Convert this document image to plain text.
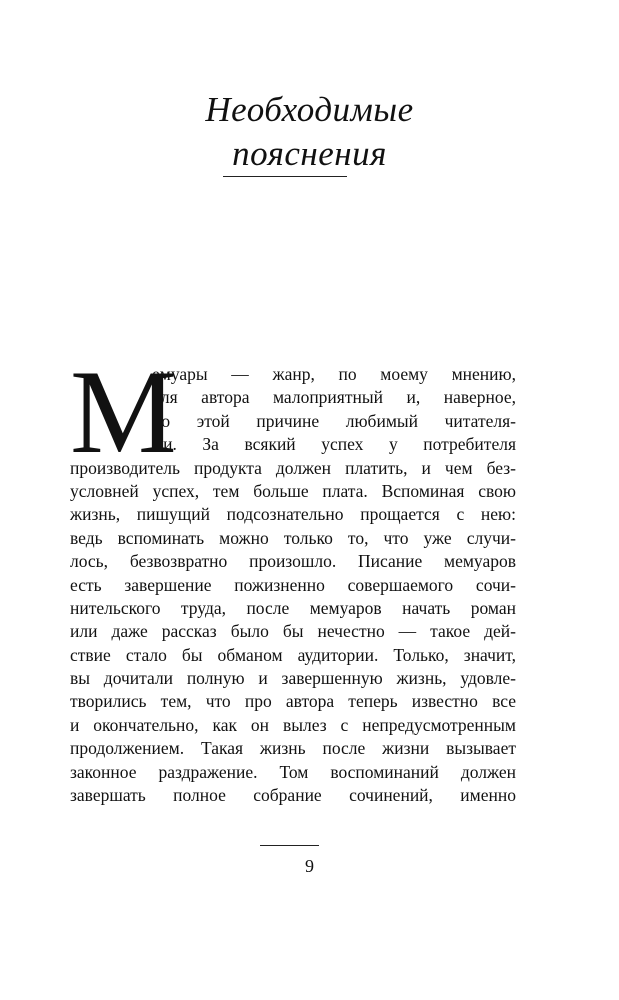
Необходимые
пояснения
М
емуары — жанр, по моему мнению,
для автора малоприятный и, наверное,
по этой причине любимый читателя-
ми. За всякий успех у потребителя
производитель продукта должен платить, и чем без-
условней успех, тем больше плата. Вспоминая свою
жизнь, пишущий подсознательно прощается с нею:
ведь вспоминать можно только то, что уже случи-
лось, безвозвратно произошло. Писание мемуаров
есть завершение пожизненно совершаемого сочи-
нительского труда, после мемуаров начать роман
или даже рассказ было бы нечестно — такое дей-
ствие стало бы обманом аудитории. Только, значит,
вы дочитали полную и завершенную жизнь, удовле-
творились тем, что про автора теперь известно все
и окончательно, как он вылез с непредусмотренным
продолжением. Такая жизнь после жизни вызывает
законное раздражение. Том воспоминаний должен
завершать полное собрание сочинений, именно
9
